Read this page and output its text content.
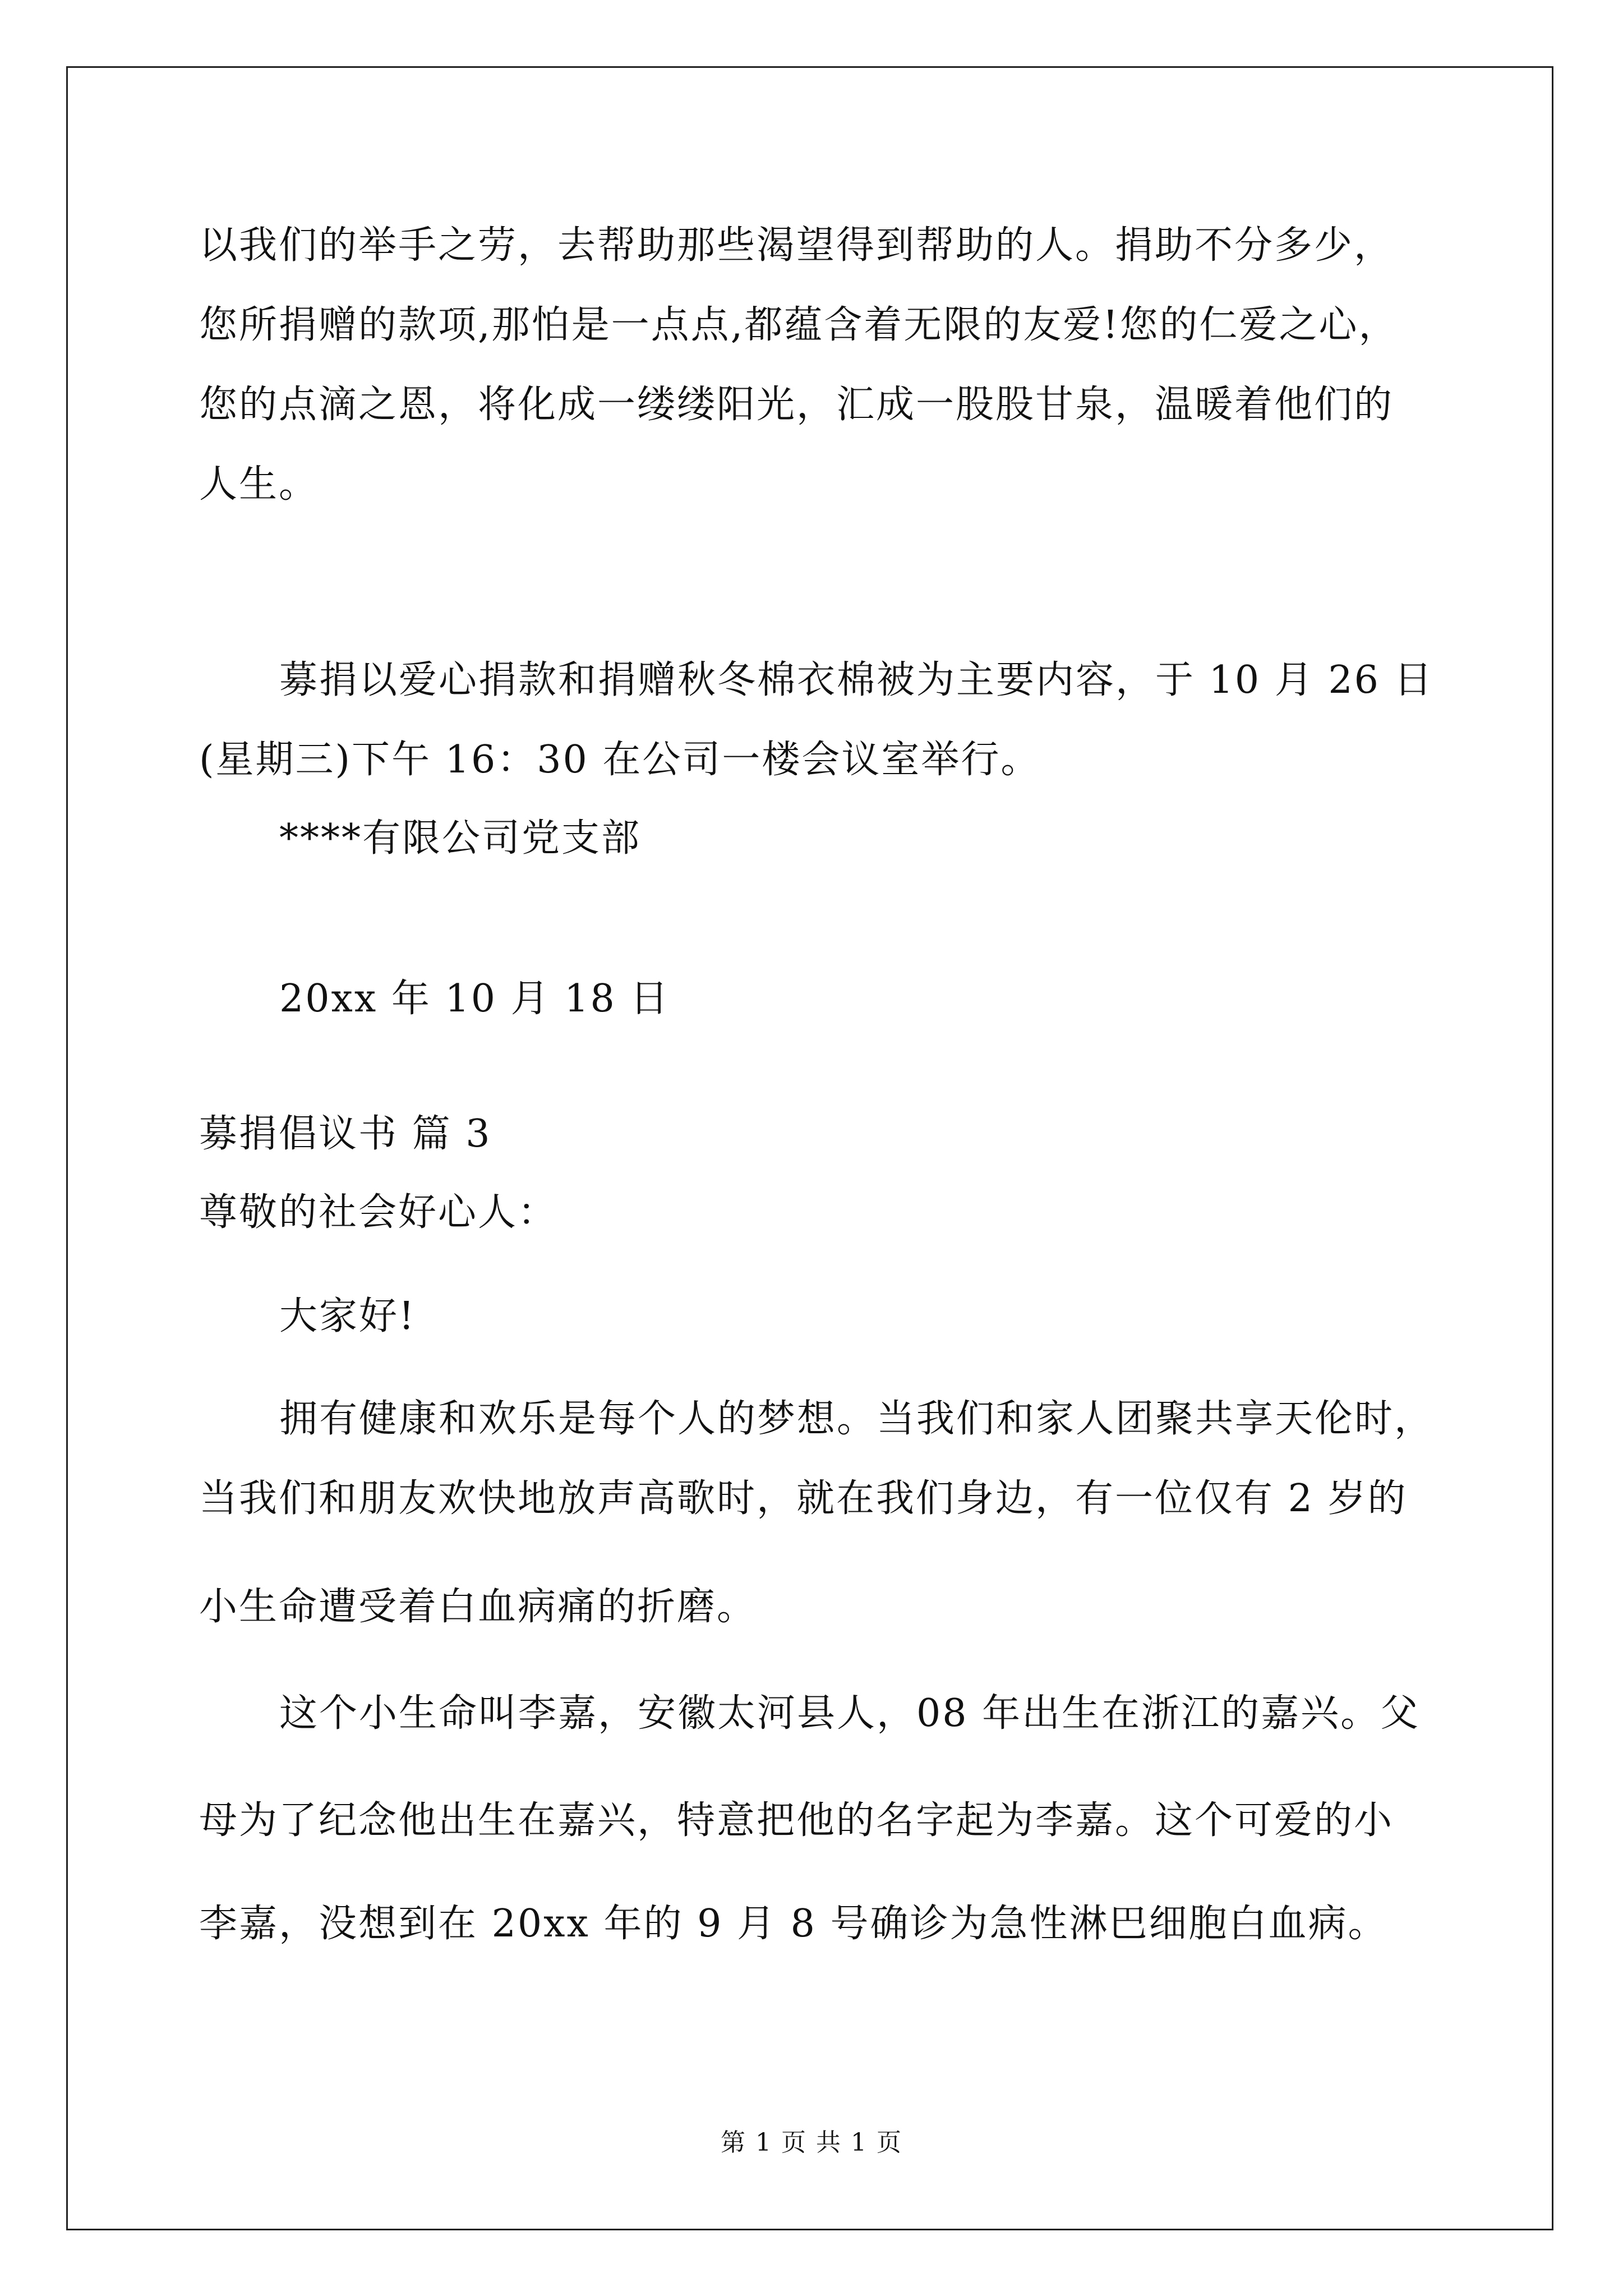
以我们的举手之劳，去帮助那些渴望得到帮助的人。捐助不分多少，
您所捐赠的款项,那怕是一点点,都蕴含着无限的友爱!您的仁爱之心，
您的点滴之恩，将化成一缕缕阳光，汇成一股股甘泉，温暖着他们的
人生。
募捐以爱心捐款和捐赠秋冬棉衣棉被为主要内容，于 10 月 26 日
(星期三)下午 16：30 在公司一楼会议室举行。
****有限公司党支部
20xx 年 10 月 18 日
募捐倡议书 篇 3
尊敬的社会好心人：
大家好!
拥有健康和欢乐是每个人的梦想。当我们和家人团聚共享天伦时，
当我们和朋友欢快地放声高歌时，就在我们身边，有一位仅有 2 岁的
小生命遭受着白血病痛的折磨。
这个小生命叫李嘉，安徽太河县人，08 年出生在浙江的嘉兴。父
母为了纪念他出生在嘉兴，特意把他的名字起为李嘉。这个可爱的小
李嘉，没想到在 20xx 年的 9 月 8 号确诊为急性淋巴细胞白血病。
第 1 页 共 1 页
